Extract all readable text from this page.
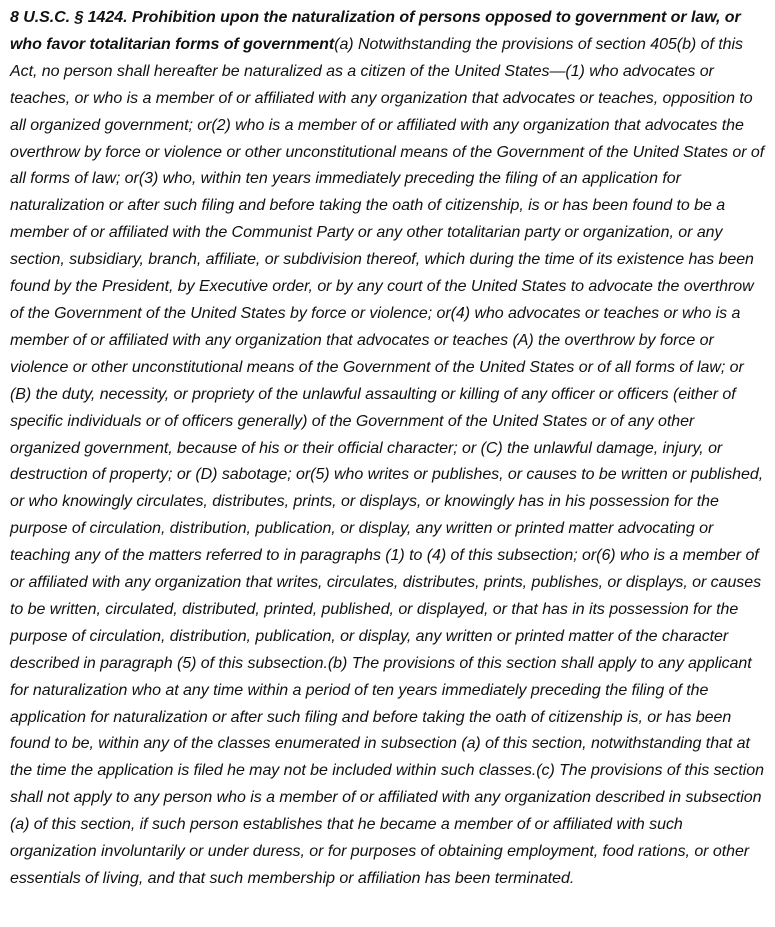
8 U.S.C. § 1424. Prohibition upon the naturalization of persons opposed to government or law, or who favor totalitarian forms of government(a) Notwithstanding the provisions of section 405(b) of this Act, no person shall hereafter be naturalized as a citizen of the United States—(1) who advocates or teaches, or who is a member of or affiliated with any organization that advocates or teaches, opposition to all organized government; or(2) who is a member of or affiliated with any organization that advocates the overthrow by force or violence or other unconstitutional means of the Government of the United States or of all forms of law; or(3) who, within ten years immediately preceding the filing of an application for naturalization or after such filing and before taking the oath of citizenship, is or has been found to be a member of or affiliated with the Communist Party or any other totalitarian party or organization, or any section, subsidiary, branch, affiliate, or subdivision thereof, which during the time of its existence has been found by the President, by Executive order, or by any court of the United States to advocate the overthrow of the Government of the United States by force or violence; or(4) who advocates or teaches or who is a member of or affiliated with any organization that advocates or teaches (A) the overthrow by force or violence or other unconstitutional means of the Government of the United States or of all forms of law; or (B) the duty, necessity, or propriety of the unlawful assaulting or killing of any officer or officers (either of specific individuals or of officers generally) of the Government of the United States or of any other organized government, because of his or their official character; or (C) the unlawful damage, injury, or destruction of property; or (D) sabotage; or(5) who writes or publishes, or causes to be written or published, or who knowingly circulates, distributes, prints, or displays, or knowingly has in his possession for the purpose of circulation, distribution, publication, or display, any written or printed matter advocating or teaching any of the matters referred to in paragraphs (1) to (4) of this subsection; or(6) who is a member of or affiliated with any organization that writes, circulates, distributes, prints, publishes, or displays, or causes to be written, circulated, distributed, printed, published, or displayed, or that has in its possession for the purpose of circulation, distribution, publication, or display, any written or printed matter of the character described in paragraph (5) of this subsection.(b) The provisions of this section shall apply to any applicant for naturalization who at any time within a period of ten years immediately preceding the filing of the application for naturalization or after such filing and before taking the oath of citizenship is, or has been found to be, within any of the classes enumerated in subsection (a) of this section, notwithstanding that at the time the application is filed he may not be included within such classes.(c) The provisions of this section shall not apply to any person who is a member of or affiliated with any organization described in subsection (a) of this section, if such person establishes that he became a member of or affiliated with such organization involuntarily or under duress, or for purposes of obtaining employment, food rations, or other essentials of living, and that such membership or affiliation has been terminated.
